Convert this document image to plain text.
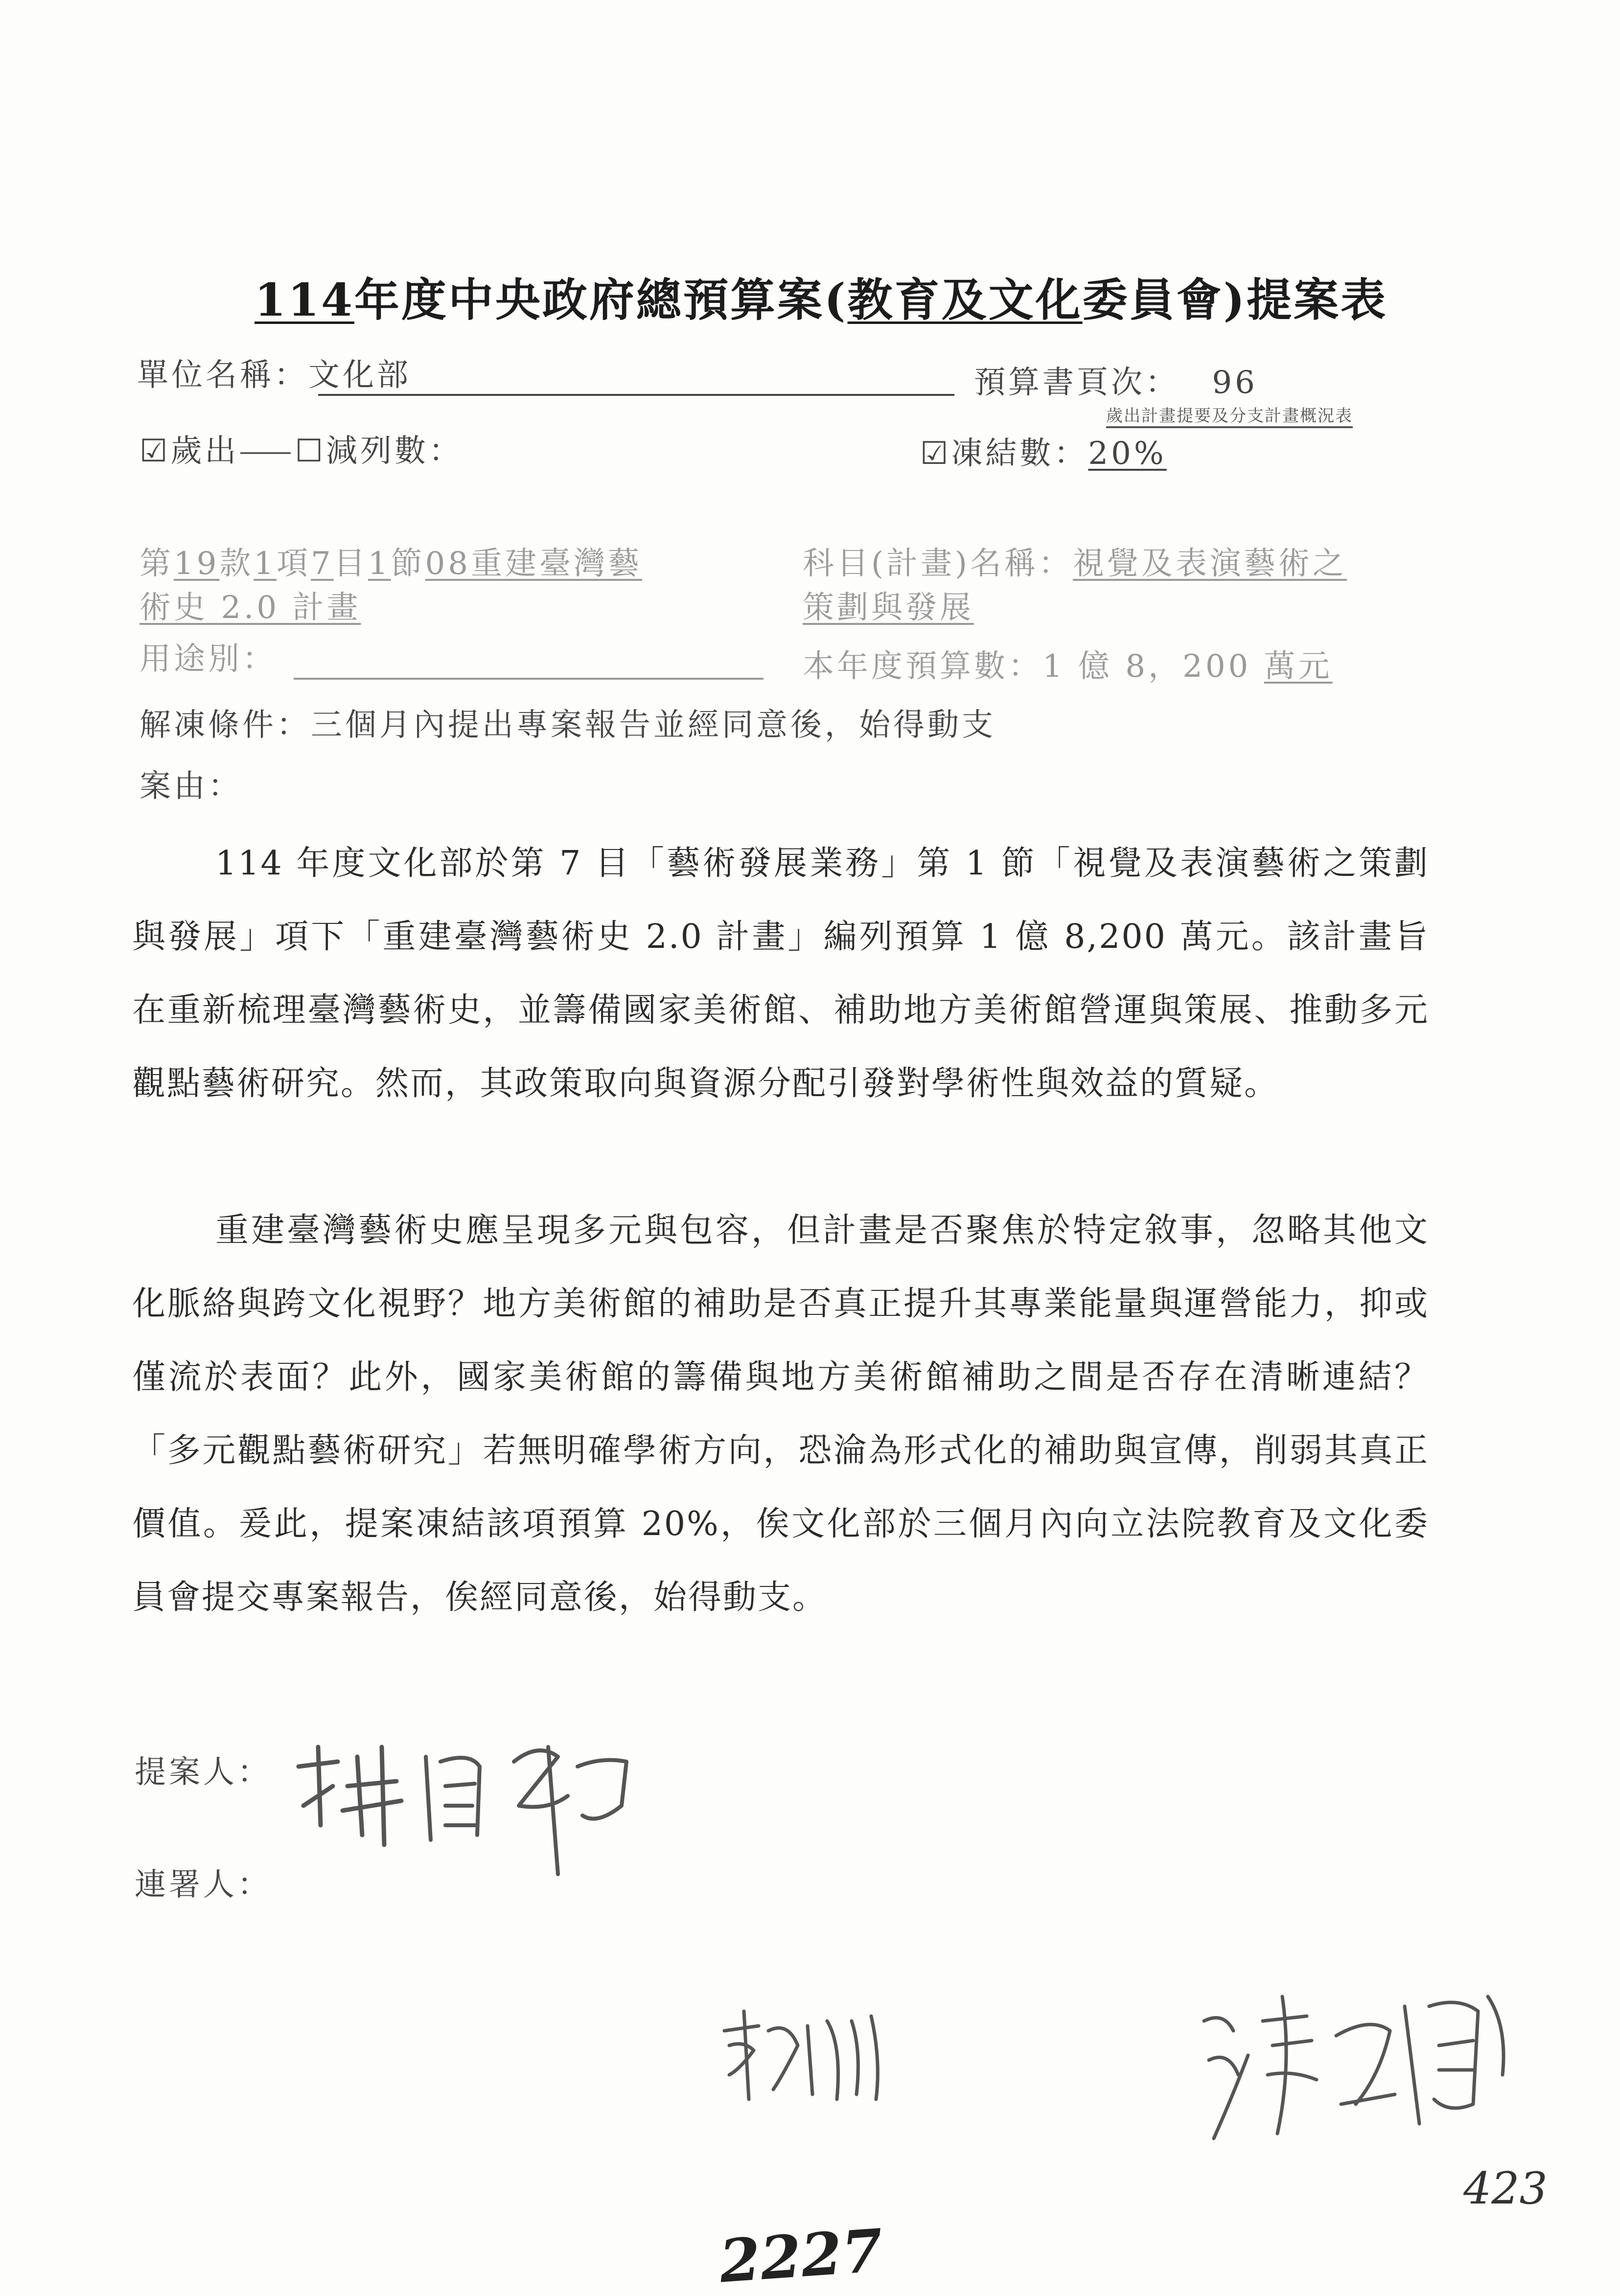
114年度中央政府總預算案(教育及文化委員會)提案表
單位名稱：文化部	預算書頁次： 96
歲出計畫提要及分支計畫概況表
☑歲出⸺☐減列數：	☑凍結數：20%
第19款1項7目1節08重建臺灣藝
術史 2.0 計畫
科目(計畫)名稱：視覺及表演藝術之
策劃與發展
用途別：	本年度預算數：1 億 8，200 萬元
解凍條件：三個月內提出專案報告並經同意後，始得動支
案由：

114 年度文化部於第 7 目「藝術發展業務」第 1 節「視覺及表演藝術之策劃與發展」項下「重建臺灣藝術史 2.0 計畫」編列預算 1 億 8,200 萬元。該計畫旨在重新梳理臺灣藝術史，並籌備國家美術館、補助地方美術館營運與策展、推動多元觀點藝術研究。然而，其政策取向與資源分配引發對學術性與效益的質疑。

重建臺灣藝術史應呈現多元與包容，但計畫是否聚焦於特定敘事，忽略其他文化脈絡與跨文化視野？地方美術館的補助是否真正提升其專業能量與運營能力，抑或僅流於表面？此外，國家美術館的籌備與地方美術館補助之間是否存在清晰連結？「多元觀點藝術研究」若無明確學術方向，恐淪為形式化的補助與宣傳，削弱其真正價值。爰此，提案凍結該項預算 20%，俟文化部於三個月內向立法院教育及文化委員會提交專案報告，俟經同意後，始得動支。

提案人：
連署人：
423
2227
